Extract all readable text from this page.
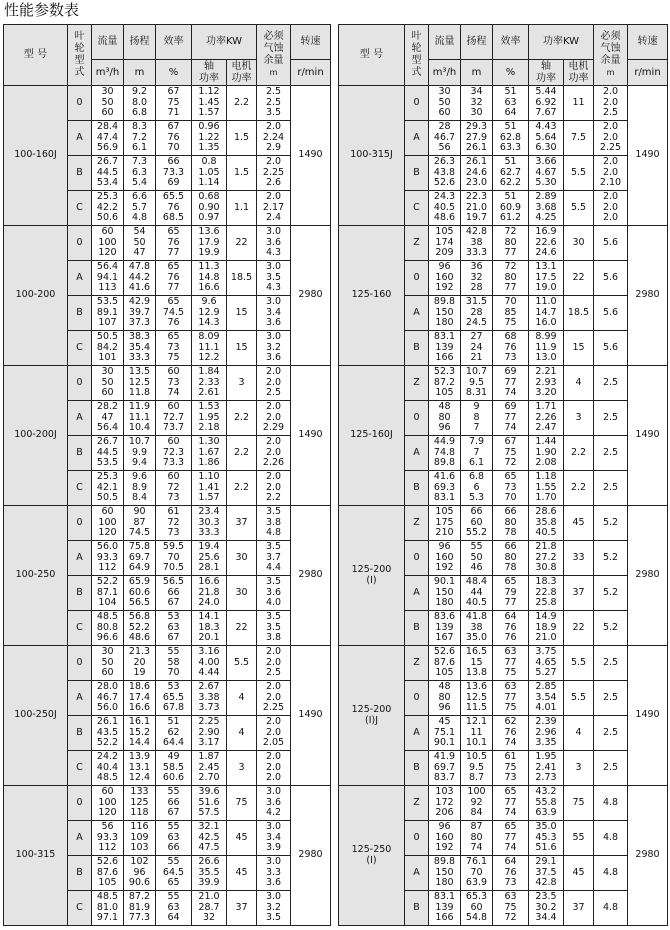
性能参数表
型 号	叶
轮
型
式	流量	扬程	效率	功率KW		必须
气蚀
余量
m	转速
		m³/h	m	%	轴
功率	电机
功率		r/min
100-160J	0	30
50
60	9.2
8.0
6.8	67
75
71	1.12
1.45
1.57	2.2	2.5
2.5
3.5	1490
	A	28.4
47.4
56.9	8.3
7.2
6.1	67
76
70	0.96
1.22
1.35	1.5	2.0
2.24
2.9	
	B	26.7
44.5
53.4	7.3
6.3
5.4	66
73.3
69	0.8
1.05
1.14	1.5	2.0
2.25
2.6	
	C	25.3
42.2
50.6	6.6
5.7
4.8	65.5
76
68.5	0.68
0.90
0.97	1.1	2.0
2.17
2.4	
100-200	0	60
100
120	54
50
47	65
76
77	13.6
17.9
19.9	22	3.0
3.6
4.3	2980
	A	56.4
94.1
113	47.8
44.2
41.6	65
76
77	11.3
14.8
16.6	18.5	3.0
3.5
4.3	
	B	53.5
89.1
107	42.9
39.7
37.3	65
74.5
76	9.6
12.9
14.3	15	3.0
3.4
3.6	
	C	50.5
84.2
101	38.3
35.4
33.3	65
73
75	8.09
11.1
12.2	15	3.0
3.2
3.6	
100-200J	0	30
50
60	13.5
12.5
11.8	60
73
74	1.84
2.33
2.61	3	2.0
2.0
2.5	1490
	A	28.2
47
56.4	11.9
11.1
10.4	60
72.7
73.7	1.53
1.95
2.18	2.2	2.0
2.0
2.29	
	B	26.7
44.5
53.5	10.7
9.9
9.4	60
72.3
73.3	1.30
1.67
1.86	2.2	2.0
2.0
2.26	
	C	25.3
42.1
50.5	9.6
8.9
8.4	60
72
73	1.10
1.41
1.57	2.2	2.0
2.0
2.2	
100-250	0	60
100
120	90
87
74.5	61
72
73	23.4
30.3
33.3	37	3.5
3.8
4.8	2980
	A	56.0
93.3
112	75.8
69.7
64.9	59.5
70
70.5	19.4
25.6
28.1	30	3.5
3.7
4.4	
	B	52.2
87.1
104	65.9
60.6
56.5	56.5
66
67	16.6
21.8
24.0	30	3.5
3.6
4.0	
	C	48.5
80.8
96.6	56.8
52.2
48.6	53
63
67	14.1
18.3
20.1	22	3.5
3.5
3.8	
100-250J	0	30
50
60	21.3
20
19	55
58
70	3.16
4.00
4.44	5.5	2.0
2.0
2.5	1490
	A	28.0
46.7
56.0	18.6
17.4
16.6	53
65.5
67.8	2.67
3.38
3.73	4	2.0
2.0
2.25	
	B	26.1
43.5
52.2	16.1
15.2
14.4	51
62
64.4	2.25
2.90
3.17	4	2.0
2.0
2.05	
	C	24.2
40.4
48.5	13.9
13.1
12.4	49
58.5
60.6	1.87
2.45
2.70	3	2.0
2.0
2.0	
100-315	0	60
100
120	133
125
118	55
66
67	39.6
51.6
57.5	75	3.0
3.6
4.2	2980
	A	56
93.3
112	116
109
103	55
63
66	32.1
42.5
47.5	45	3.0
3.4
3.9	
	B	52.6
87.6
105	102
96
90.6	55
64.5
65	26.6
35.5
39.9	45	3.0
3.3
3.6	
	C	48.5
81.0
97.1	87.2
81.9
77.3	55
63
64	21.0
28.7
32	37	3.0
3.2
3.5	
型 号	叶
轮
型
式	流量	扬程	效率	功率KW		必须
气蚀
余量
m	转速
		m³/h	m	%	轴
功率	电机
功率		r/min
100-315J	0	30
50
60	34
32
30	51
63
64	5.44
6.92
7.67	11	2.0
2.0
2.5	1490
	A	28
46.7
56	29.3
27.9
26.1	51
62.8
63.3	4.43
5.64
6.30	7.5	2.0
2.0
2.25	
	B	26.3
43.8
52.6	26.1
24.6
23.0	51
62.7
62.2	3.66
4.67
5.30	5.5	2.0
2.0
2.10	
	C	24.3
40.5
48.6	22.3
21.0
19.7	51
60.9
61.2	2.89
3.68
4.25	5.5	2.0
2.0
2.0	
125-160	Z	105
174
209	42.8
38
33.3	72
80
77	16.9
22.6
24.6	30	5.6	2980
	0	96
160
192	36
32
28	72
80
77	13.1
17.5
19.0	22	5.6	
	A	89.8
150
180	31.5
28
24.5	70
85
75	11.0
14.7
16.0	18.5	5.6	
	B	83.1
139
166	27
24
21	68
76
73	8.99
11.9
13.0	15	5.6	
125-160J	Z	52.3
87.2
105	10.7
9.5
8.31	69
77
74	2.21
2.93
3.20	4	2.5	1490
	0	48
80
96	9
8
7	69
77
74	1.71
2.26
2.47	3	2.5	
	A	44.9
74.8
89.8	7.9
7
6.1	67
75
72	1.44
1.90
2.08	2.2	2.5	
	B	41.6
69.3
83.1	6.8
6
5.3	65
73
70	1.18
1.55
1.70	2.2	2.5	
125-200
(Ⅰ)	Z	105
175
210	66
60
55.2	66
80
78	28.6
35.8
40.5	45	5.2	2980
	0	96
160
192	55
50
46	66
80
78	21.8
27.2
30.8	33	5.2	
	A	90.1
150
180	48.4
44
40.5	65
79
77	18.3
22.8
25.8	37	5.2	
	B	83.6
139
167	41.8
38
35.0	64
76
76	14.9
18.9
21.0	22	5.2	
125-200
(Ⅰ)J	Z	52.6
87.6
105	16.5
15
13.8	63
77
75	3.75
4.65
5.27	5.5	2.5	1490
	0	48
80
96	13.6
12.5
11.5	63
77
75	2.85
3.54
4.01	5.5	2.5	
	A	45
75.1
90.1	12.1
11
10.1	62
76
74	2.39
2.96
3.35	4	2.5	
	B	41.9
69.7
83.7	10.5
9.5
8.7	61
75
73	1.95
2.41
2.73	3	2.5	
125-250
(Ⅰ)	Z	103
172
206	100
92
84	65
77
74	43.2
55.8
63.9	75	4.8	2980
	0	96
160
192	87
80
74	65
77
74	35.0
45.3
51.6	55	4.8	
	A	89.8
150
180	76.1
70
63.9	64
76
73	29.1
37.5
42.8	45	4.8	
	B	83.1
139
166	65.3
60
54.8	63
75
72	23.5
30.2
34.4	37	4.8	
